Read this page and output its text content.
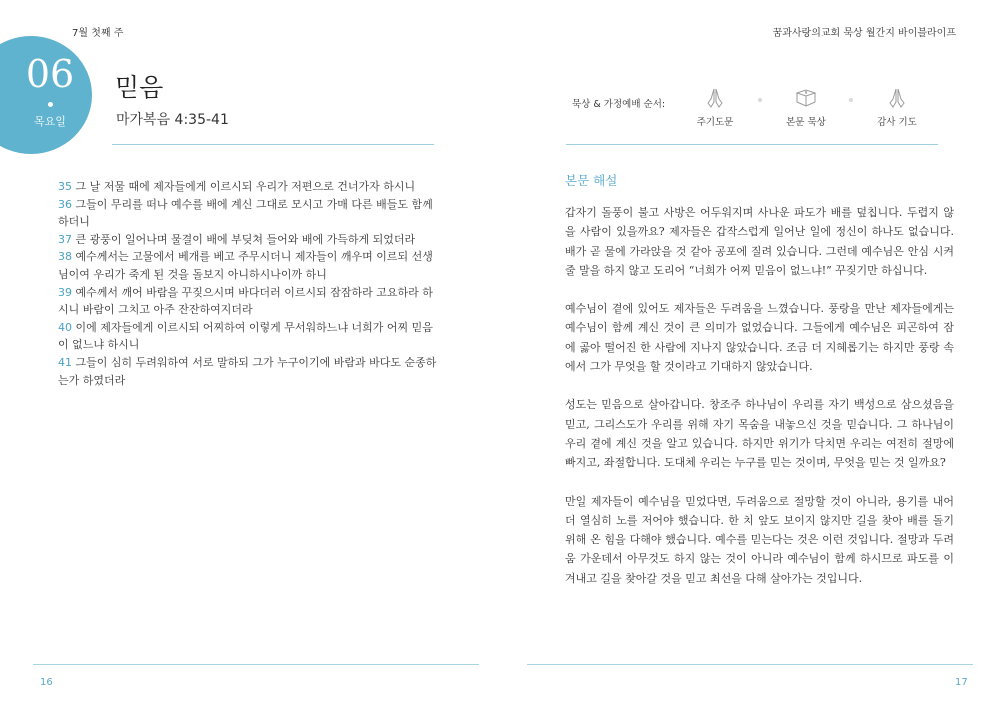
7월 첫째 주	꿈과사랑의교회 묵상 월간지 바이블라이프
06
목요일
믿음
마가복음 4:35-41
35 그 날 저물 때에 제자들에게 이르시되 우리가 저편으로 건너가자 하시니
36 그들이 무리를 떠나 예수를 배에 계신 그대로 모시고 가매 다른 배들도 함께 하더니
37 큰 광풍이 일어나며 물결이 배에 부딪쳐 들어와 배에 가득하게 되었더라
38 예수께서는 고물에서 베개를 베고 주무시더니 제자들이 깨우며 이르되 선생님이여 우리가 죽게 된 것을 돌보지 아니하시나이까 하니
39 예수께서 깨어 바람을 꾸짖으시며 바다더러 이르시되 잠잠하라 고요하라 하시니 바람이 그치고 아주 잔잔하여지더라
40 이에 제자들에게 이르시되 어찌하여 이렇게 무서워하느냐 너희가 어찌 믿음이 없느냐 하시니
41 그들이 심히 두려워하여 서로 말하되 그가 누구이기에 바람과 바다도 순종하는가 하였더라
묵상 & 가정예배 순서:
주기도문	본문 묵상	감사 기도
본문 해설

갑자기 돌풍이 불고 사방은 어두워지며 사나운 파도가 배를 덮칩니다. 두렵지 않을 사람이 있을까요? 제자들은 갑작스럽게 일어난 일에 정신이 하나도 없습니다. 배가 곧 물에 가라앉을 것 같아 공포에 질려 있습니다. 그런데 예수님은 안심 시켜줄 말을 하지 않고 도리어 “너희가 어찌 믿음이 없느냐!” 꾸짖기만 하십니다.

예수님이 곁에 있어도 제자들은 두려움을 느꼈습니다. 풍랑을 만난 제자들에게는 예수님이 함께 계신 것이 큰 의미가 없었습니다. 그들에게 예수님은 피곤하여 잠에 곯아 떨어진 한 사람에 지나지 않았습니다. 조금 더 지혜롭기는 하지만 풍랑 속에서 그가 무엇을 할 것이라고 기대하지 않았습니다.

성도는 믿음으로 살아갑니다. 창조주 하나님이 우리를 자기 백성으로 삼으셨음을 믿고, 그리스도가 우리를 위해 자기 목숨을 내놓으신 것을 믿습니다. 그 하나님이 우리 곁에 계신 것을 알고 있습니다. 하지만 위기가 닥치면 우리는 여전히 절망에 빠지고, 좌절합니다. 도대체 우리는 누구를 믿는 것이며, 무엇을 믿는 것 일까요?

만일 제자들이 예수님을 믿었다면, 두려움으로 절망할 것이 아니라, 용기를 내어 더 열심히 노를 저어야 했습니다. 한 치 앞도 보이지 않지만 길을 찾아 배를 돌기 위해 온 힘을 다해야 했습니다. 예수를 믿는다는 것은 이런 것입니다. 절망과 두려움 가운데서 아무것도 하지 않는 것이 아니라 예수님이 함께 하시므로 파도를 이겨내고 길을 찾아갈 것을 믿고 최선을 다해 살아가는 것입니다.

16	17
